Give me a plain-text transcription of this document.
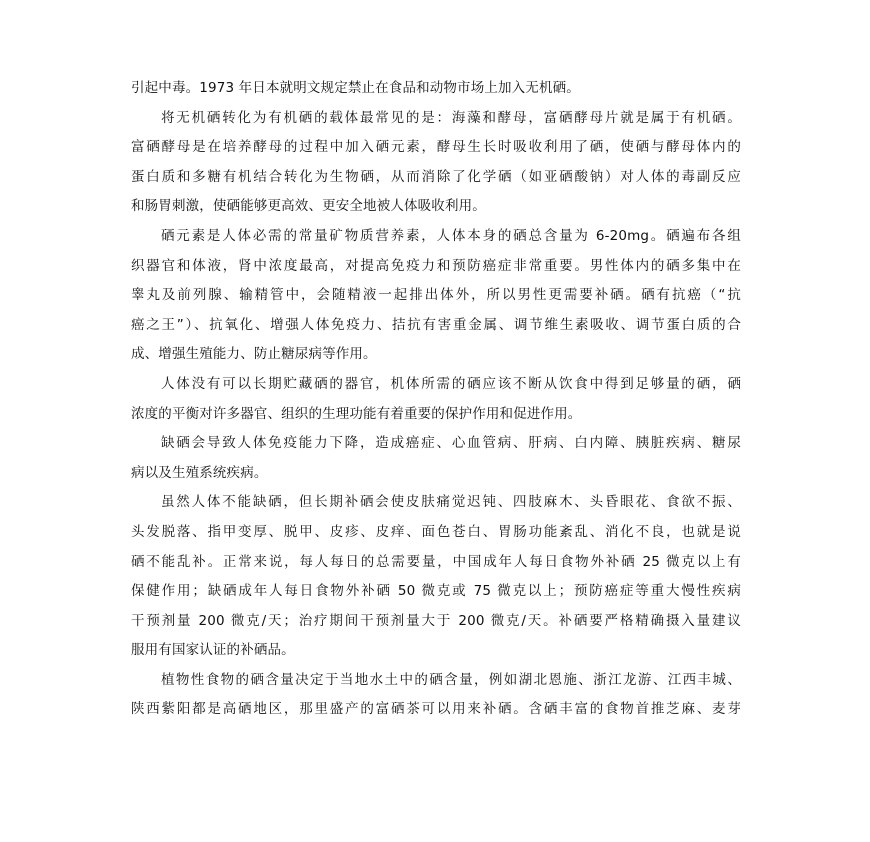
引起中毒。1973 年日本就明文规定禁止在食品和动物市场上加入无机硒。
将无机硒转化为有机硒的载体最常见的是：海藻和酵母，富硒酵母片就是属于有机硒。
富硒酵母是在培养酵母的过程中加入硒元素，酵母生长时吸收利用了硒，使硒与酵母体内的
蛋白质和多糖有机结合转化为生物硒，从而消除了化学硒（如亚硒酸钠）对人体的毒副反应
和肠胃刺激，使硒能够更高效、更安全地被人体吸收利用。
硒元素是人体必需的常量矿物质营养素，人体本身的硒总含量为 6-20mg。硒遍布各组
织器官和体液，肾中浓度最高，对提高免疫力和预防癌症非常重要。男性体内的硒多集中在
睾丸及前列腺、输精管中，会随精液一起排出体外，所以男性更需要补硒。硒有抗癌（“抗
癌之王”）、抗氧化、增强人体免疫力、拮抗有害重金属、调节维生素吸收、调节蛋白质的合
成、增强生殖能力、防止糖尿病等作用。
人体没有可以长期贮藏硒的器官，机体所需的硒应该不断从饮食中得到足够量的硒，硒
浓度的平衡对许多器官、组织的生理功能有着重要的保护作用和促进作用。
缺硒会导致人体免疫能力下降，造成癌症、心血管病、肝病、白内障、胰脏疾病、糖尿
病以及生殖系统疾病。
虽然人体不能缺硒，但长期补硒会使皮肤痛觉迟钝、四肢麻木、头昏眼花、食欲不振、
头发脱落、指甲变厚、脱甲、皮疹、皮痒、面色苍白、胃肠功能紊乱、消化不良，也就是说
硒不能乱补。正常来说，每人每日的总需要量，中国成年人每日食物外补硒 25 微克以上有
保健作用；缺硒成年人每日食物外补硒 50 微克或 75 微克以上；预防癌症等重大慢性疾病
干预剂量 200 微克/天；治疗期间干预剂量大于 200 微克/天。补硒要严格精确摄入量建议
服用有国家认证的补硒品。
植物性食物的硒含量决定于当地水土中的硒含量，例如湖北恩施、浙江龙游、江西丰城、
陕西紫阳都是高硒地区，那里盛产的富硒茶可以用来补硒。含硒丰富的食物首推芝麻、麦芽
